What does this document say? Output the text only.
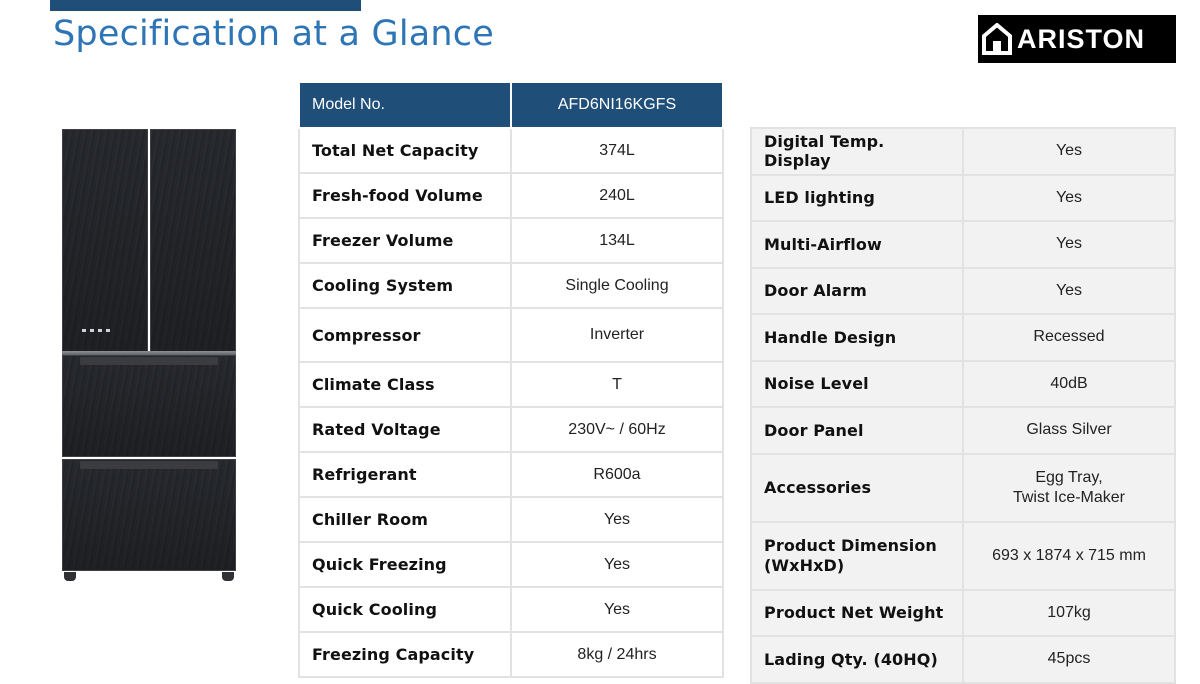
Specification at a Glance	ARISTON
Model No.	AFD6NI16KGFS
Total Net Capacity	374L
Fresh-food Volume	240L
Freezer Volume	134L
Cooling System	Single Cooling
Compressor	Inverter
Climate Class	T
Rated Voltage	230V~ / 60Hz
Refrigerant	R600a
Chiller Room	Yes
Quick Freezing	Yes
Quick Cooling	Yes
Freezing Capacity	8kg / 24hrs
Digital Temp. Display	Yes
LED lighting	Yes
Multi-Airflow	Yes
Door Alarm	Yes
Handle Design	Recessed
Noise Level	40dB
Door Panel	Glass Silver
Accessories	Egg Tray,
Twist Ice-Maker

Product Dimension
(WxHxD)	693 x 1874 x 715 mm
Product Net Weight	107kg
Lading Qty. (40HQ)	45pcs
